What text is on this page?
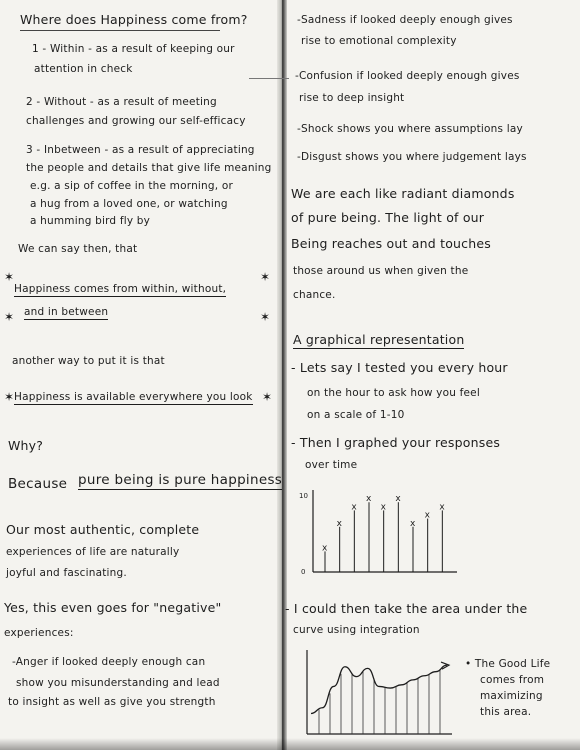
Where does Happiness come from?
1 - Within - as a result of keeping our
attention in check
2 - Without - as a result of meeting
challenges and growing our self-efficacy
3 - Inbetween - as a result of appreciating
the people and details that give life meaning
e.g. a sip of coffee in the morning, or
a hug from a loved one, or watching
a humming bird fly by
We can say then, that
✶	✶
Happiness comes from within, without,
and in between
✶	✶
another way to put it is that
✶ Happiness is available everywhere you look ✶
Why?
Because pure being is pure happiness
Our most authentic, complete
experiences of life are naturally
joyful and fascinating.
Yes, this even goes for "negative"
experiences:
-Anger if looked deeply enough can
show you misunderstanding and lead
to insight as well as give you strength
-Sadness if looked deeply enough gives
rise to emotional complexity
-Confusion if looked deeply enough gives
rise to deep insight
-Shock shows you where assumptions lay
-Disgust shows you where judgement lays
We are each like radiant diamonds
of pure being. The light of our
Being reaches out and touches
those around us when given the
chance.
A graphical representation
- Lets say I tested you every hour
on the hour to ask how you feel
on a scale of 1-10
- Then I graphed your responses
over time
10
0
x
x
x
x
x
x
x
x
x
- I could then take the area under the
curve using integration
• The Good Life
comes from
maximizing
this area.
